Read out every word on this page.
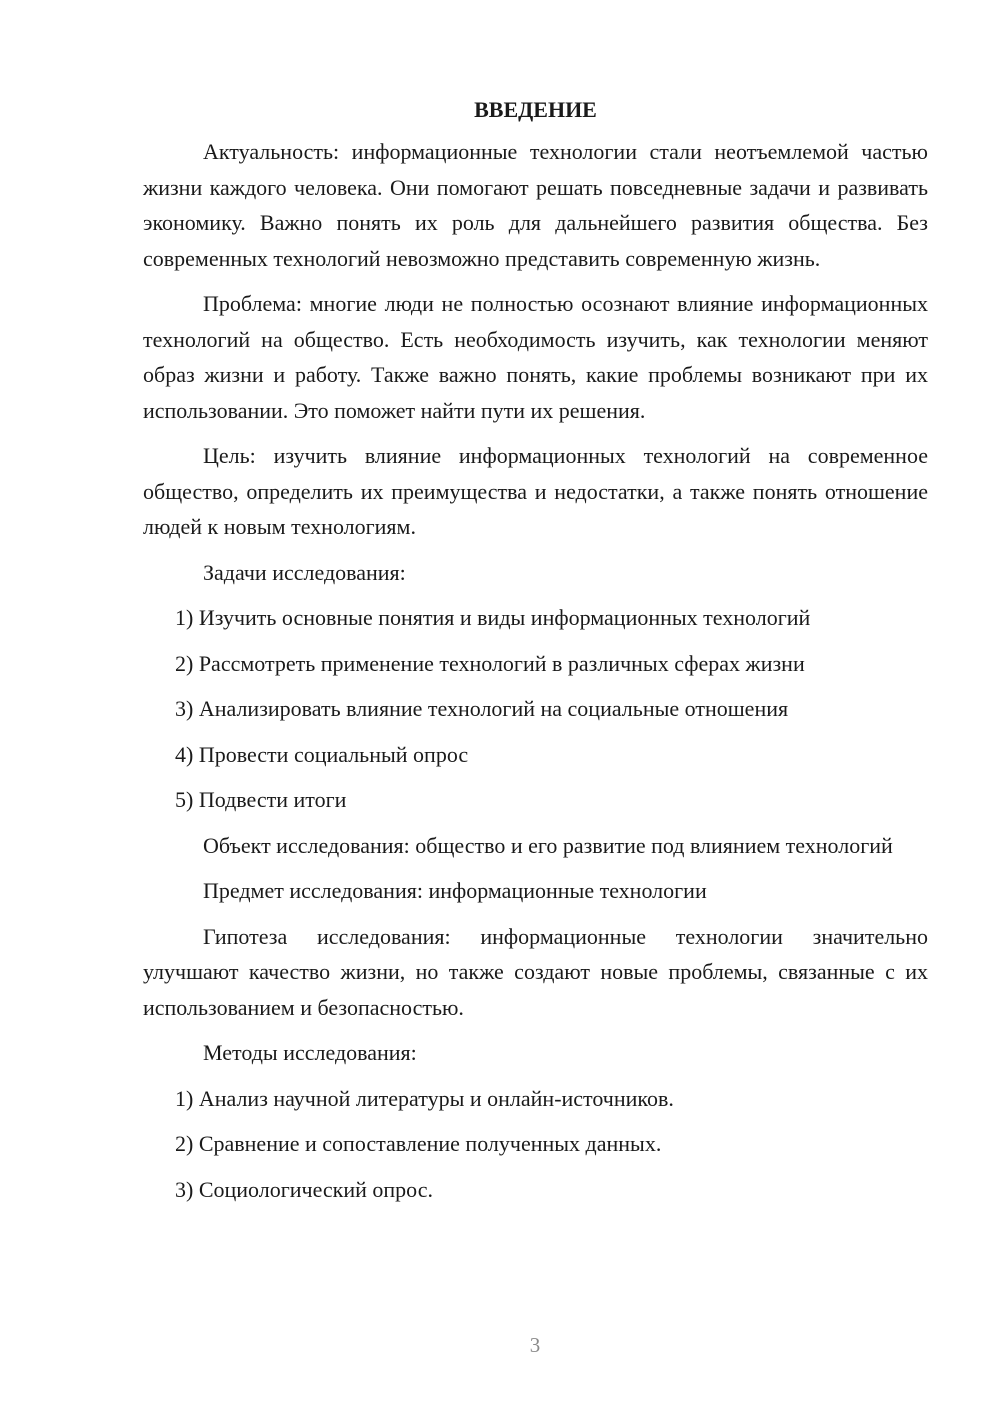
ВВЕДЕНИЕ

Актуальность: информационные технологии стали неотъемлемой частью жизни каждого человека. Они помогают решать повседневные задачи и развивать экономику. Важно понять их роль для дальнейшего развития общества. Без современных технологий невозможно представить современную жизнь.

Проблема: многие люди не полностью осознают влияние информационных технологий на общество. Есть необходимость изучить, как технологии меняют образ жизни и работу. Также важно понять, какие проблемы возникают при их использовании. Это поможет найти пути их решения.

Цель: изучить влияние информационных технологий на современное общество, определить их преимущества и недостатки, а также понять отношение людей к новым технологиям.

Задачи исследования:

1) Изучить основные понятия и виды информационных технологий
2) Рассмотреть применение технологий в различных сферах жизни
3) Анализировать влияние технологий на социальные отношения
4) Провести социальный опрос
5) Подвести итоги

Объект исследования: общество и его развитие под влиянием технологий

Предмет исследования: информационные технологии

Гипотеза исследования: информационные технологии значительно улучшают качество жизни, но также создают новые проблемы, связанные с их использованием и безопасностью.

Методы исследования:

1) Анализ научной литературы и онлайн-источников.
2) Сравнение и сопоставление полученных данных.
3) Социологический опрос.
3
